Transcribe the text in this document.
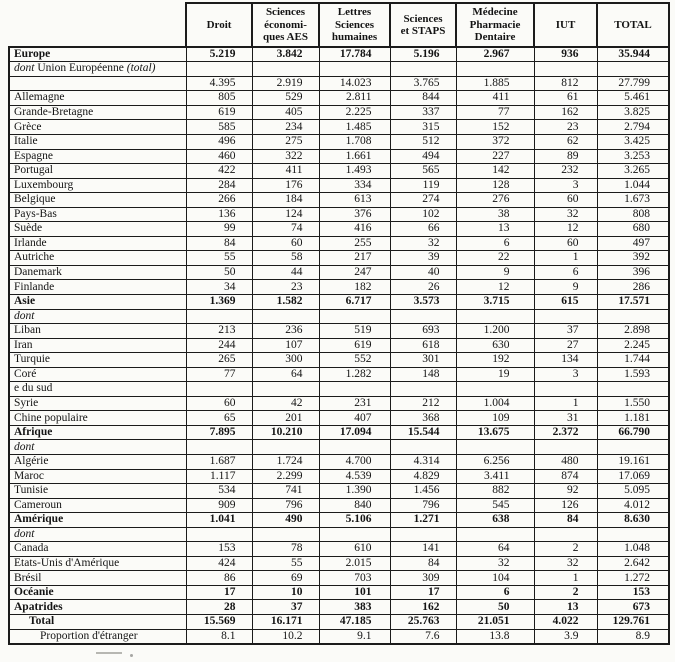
	Droit	Sciences
économi-
ques AES	Lettres
Sciences
humaines	Sciences
et STAPS	Médecine
Pharmacie
Dentaire	IUT	TOTAL
Europe	5.219	3.842	17.784	5.196	2.967	936	35.944
dont Union Européenne (total)							
	4.395	2.919	14.023	3.765	1.885	812	27.799
Allemagne	805	529	2.811	844	411	61	5.461
Grande-Bretagne	619	405	2.225	337	77	162	3.825
Grèce	585	234	1.485	315	152	23	2.794
Italie	496	275	1.708	512	372	62	3.425
Espagne	460	322	1.661	494	227	89	3.253
Portugal	422	411	1.493	565	142	232	3.265
Luxembourg	284	176	334	119	128	3	1.044
Belgique	266	184	613	274	276	60	1.673
Pays-Bas	136	124	376	102	38	32	808
Suède	99	74	416	66	13	12	680
Irlande	84	60	255	32	6	60	497
Autriche	55	58	217	39	22	1	392
Danemark	50	44	247	40	9	6	396
Finlande	34	23	182	26	12	9	286
Asie	1.369	1.582	6.717	3.573	3.715	615	17.571
dont							
Liban	213	236	519	693	1.200	37	2.898
Iran	244	107	619	618	630	27	2.245
Turquie	265	300	552	301	192	134	1.744
Coré	77	64	1.282	148	19	3	1.593
e du sud							
Syrie	60	42	231	212	1.004	1	1.550
Chine populaire	65	201	407	368	109	31	1.181
Afrique	7.895	10.210	17.094	15.544	13.675	2.372	66.790
dont							
Algérie	1.687	1.724	4.700	4.314	6.256	480	19.161
Maroc	1.117	2.299	4.539	4.829	3.411	874	17.069
Tunisie	534	741	1.390	1.456	882	92	5.095
Cameroun	909	796	840	796	545	126	4.012
Amérique	1.041	490	5.106	1.271	638	84	8.630
dont							
Canada	153	78	610	141	64	2	1.048
Etats-Unis d'Amérique	424	55	2.015	84	32	32	2.642
Brésil	86	69	703	309	104	1	1.272
Océanie	17	10	101	17	6	2	153
Apatrides	28	37	383	162	50	13	673
Total	15.569	16.171	47.185	25.763	21.051	4.022	129.761
Proportion d'étranger	8.1	10.2	9.1	7.6	13.8	3.9	8.9
